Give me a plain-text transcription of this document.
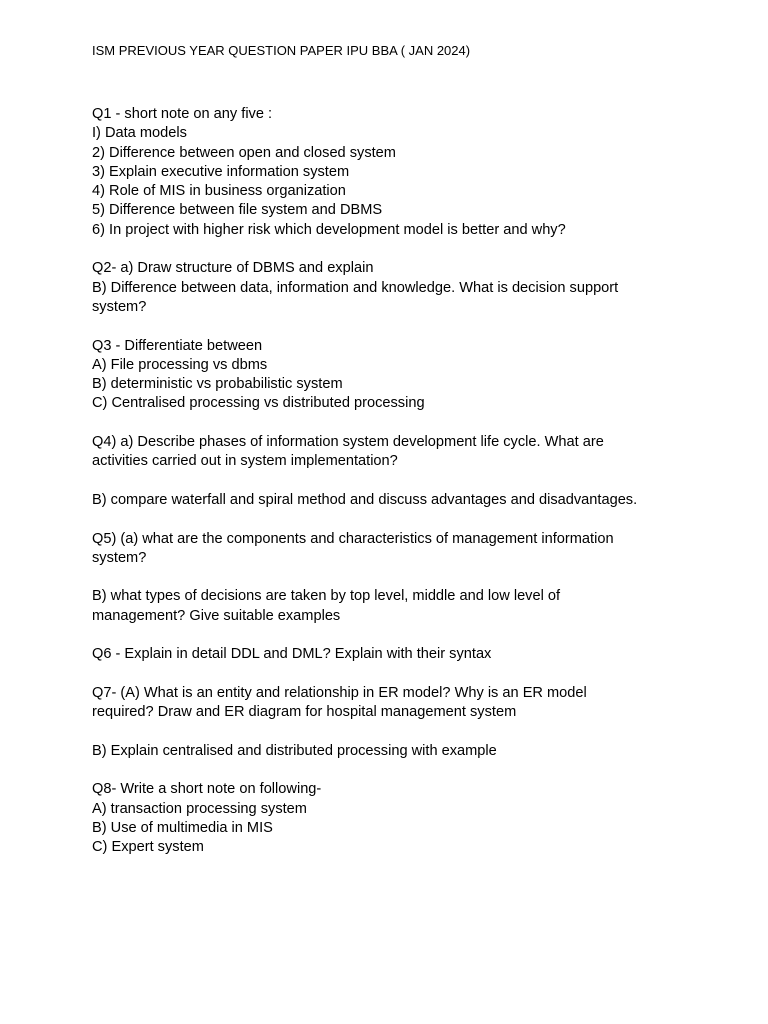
ISM PREVIOUS YEAR QUESTION PAPER IPU BBA ( JAN 2024)
Q1 - short note on any five :
I) Data models
2) Difference between open and closed system
3) Explain executive information system
4) Role of MIS in business organization
5) Difference between file system and DBMS
6) In project with higher risk which development model is better and why?
Q2- a) Draw structure of DBMS and explain
B) Difference between data, information and knowledge. What is decision support
system?
Q3 - Differentiate between
A) File processing vs dbms
B) deterministic vs probabilistic system
C) Centralised processing vs distributed processing
Q4) a) Describe phases of information system development life cycle. What are
activities carried out in system implementation?
B) compare waterfall and spiral method and discuss advantages and disadvantages.
Q5) (a) what are the components and characteristics of management information
system?
B) what types of decisions are taken by top level, middle and low level of
management? Give suitable examples
Q6 - Explain in detail DDL and DML? Explain with their syntax
Q7- (A) What is an entity and relationship in ER model? Why is an ER model
required? Draw and ER diagram for hospital management system
B) Explain centralised and distributed processing with example
Q8- Write a short note on following-
A) transaction processing system
B) Use of multimedia in MIS
C) Expert system
